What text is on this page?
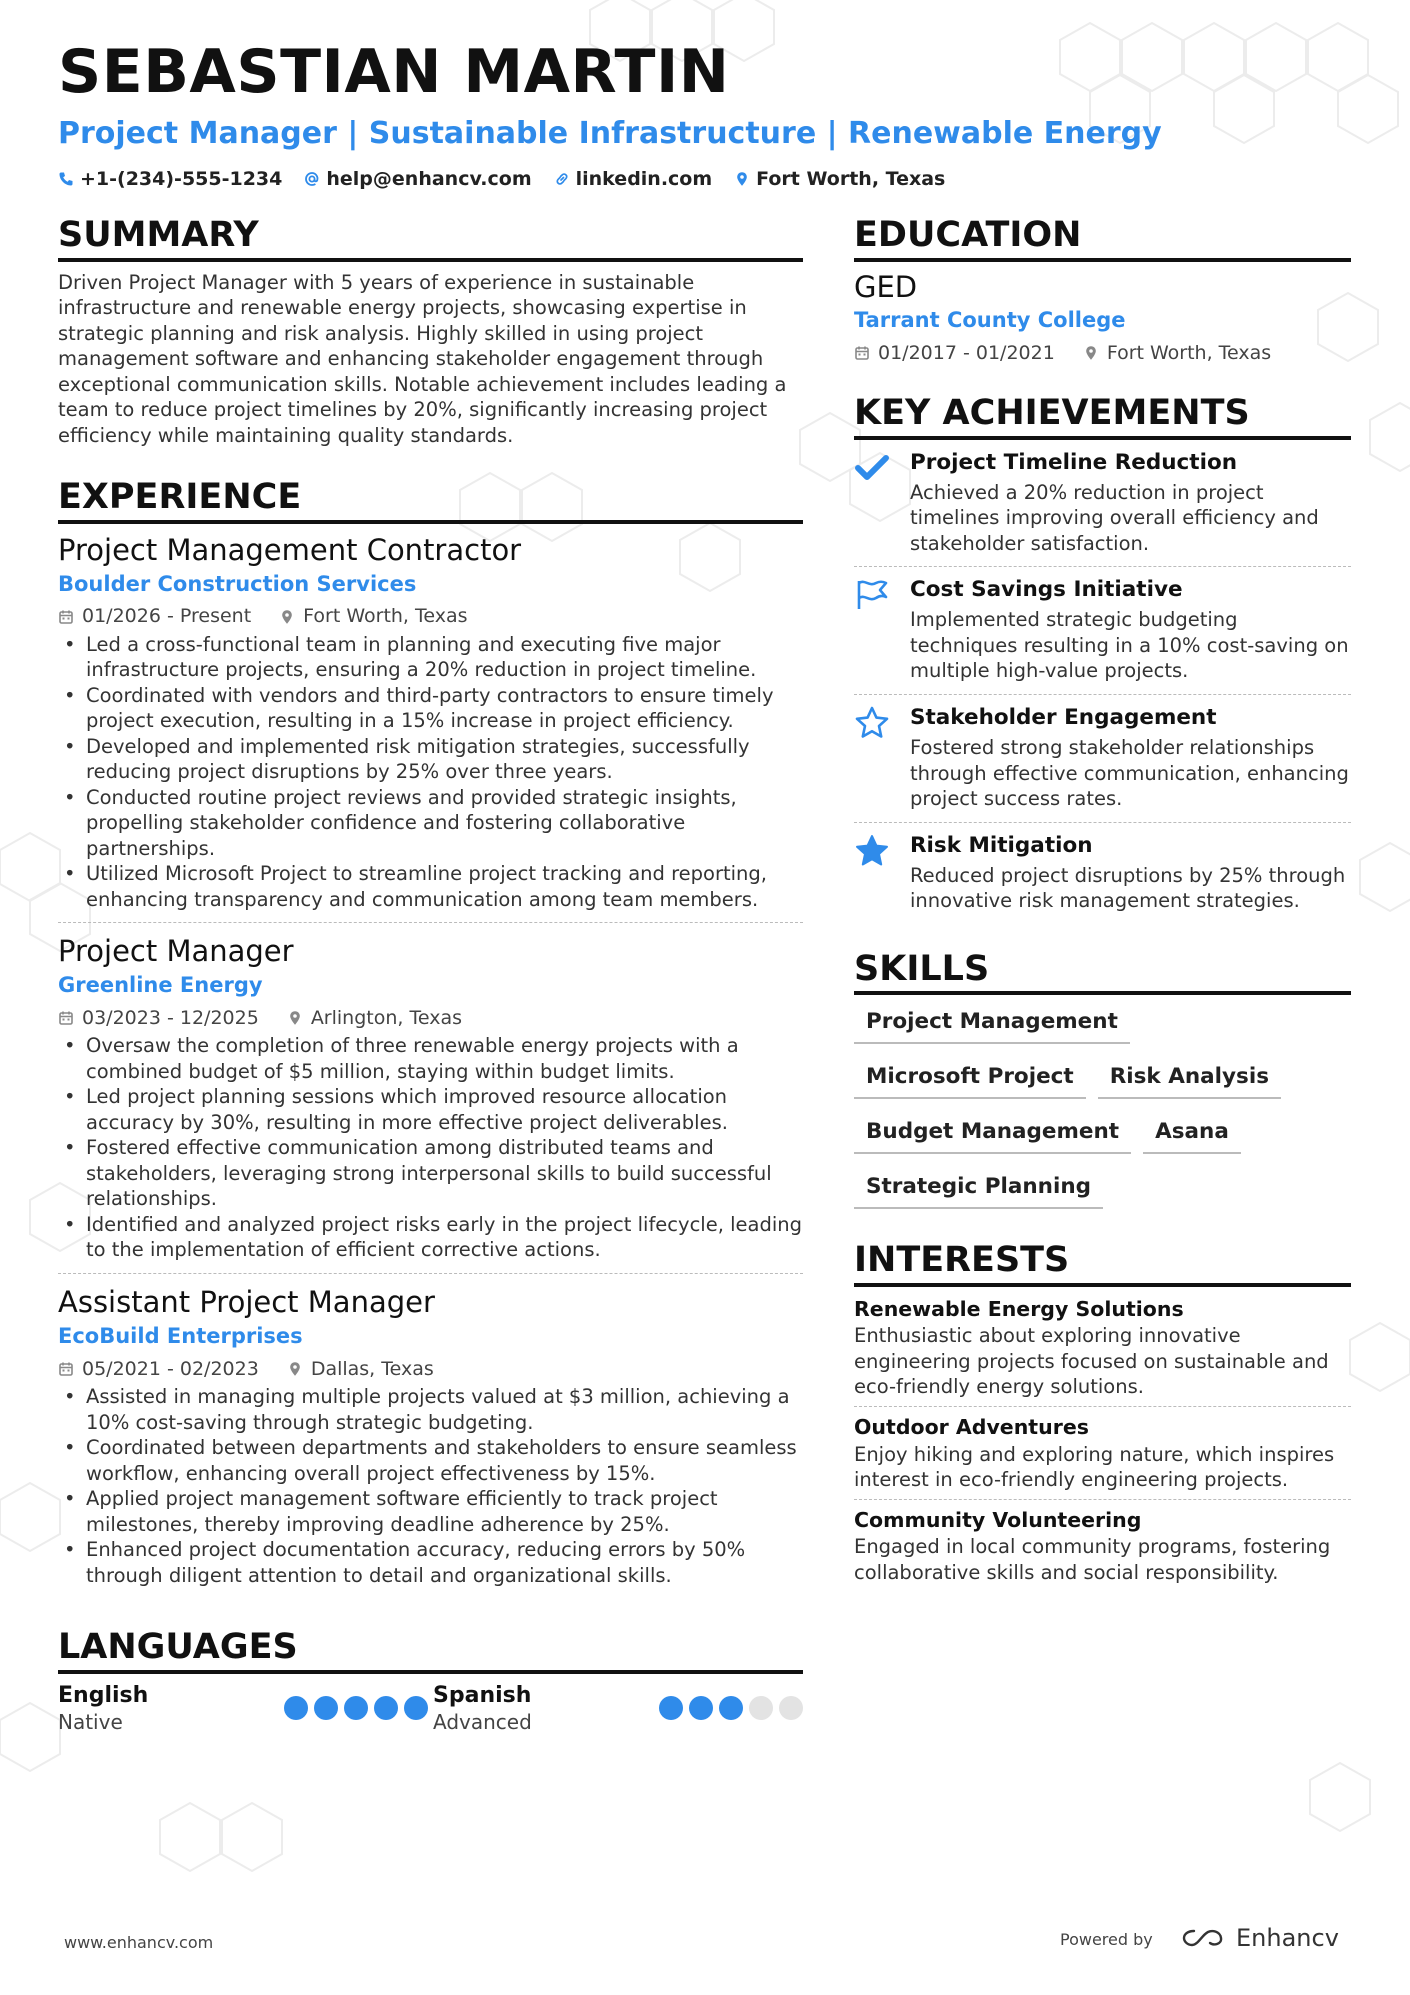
SEBASTIAN MARTIN
Project Manager | Sustainable Infrastructure | Renewable Energy
+1-(234)-555-1234 help@enhancv.com linkedin.com Fort Worth, Texas
SUMMARY

Driven Project Manager with 5 years of experience in sustainable infrastructure and renewable energy projects, showcasing expertise in strategic planning and risk analysis. Highly skilled in using project management software and enhancing stakeholder engagement through exceptional communication skills. Notable achievement includes leading a team to reduce project timelines by 20%, significantly increasing project efficiency while maintaining quality standards.

EXPERIENCE
Project Management Contractor
Boulder Construction Services
01/2026 - Present	Fort Worth, Texas
• Led a cross-functional team in planning and executing five major infrastructure projects, ensuring a 20% reduction in project timeline.
• Coordinated with vendors and third-party contractors to ensure timely project execution, resulting in a 15% increase in project efficiency.
• Developed and implemented risk mitigation strategies, successfully reducing project disruptions by 25% over three years.
• Conducted routine project reviews and provided strategic insights, propelling stakeholder confidence and fostering collaborative partnerships.
• Utilized Microsoft Project to streamline project tracking and reporting, enhancing transparency and communication among team members.
Project Manager
Greenline Energy
03/2023 - 12/2025	Arlington, Texas
• Oversaw the completion of three renewable energy projects with a combined budget of $5 million, staying within budget limits.
• Led project planning sessions which improved resource allocation accuracy by 30%, resulting in more effective project deliverables.
• Fostered effective communication among distributed teams and stakeholders, leveraging strong interpersonal skills to build successful relationships.
• Identified and analyzed project risks early in the project lifecycle, leading to the implementation of efficient corrective actions.
Assistant Project Manager
EcoBuild Enterprises
05/2021 - 02/2023	Dallas, Texas
• Assisted in managing multiple projects valued at $3 million, achieving a 10% cost-saving through strategic budgeting.
• Coordinated between departments and stakeholders to ensure seamless workflow, enhancing overall project effectiveness by 15%.
• Applied project management software efficiently to track project milestones, thereby improving deadline adherence by 25%.
• Enhanced project documentation accuracy, reducing errors by 50% through diligent attention to detail and organizational skills.
LANGUAGES
English
Native
Spanish
Advanced
EDUCATION
GED
Tarrant County College
01/2017 - 01/2021	Fort Worth, Texas
KEY ACHIEVEMENTS
Project Timeline Reduction
Achieved a 20% reduction in project timelines improving overall efficiency and stakeholder satisfaction.
Cost Savings Initiative
Implemented strategic budgeting techniques resulting in a 10% cost-saving on multiple high-value projects.
Stakeholder Engagement
Fostered strong stakeholder relationships through effective communication, enhancing project success rates.
Risk Mitigation
Reduced project disruptions by 25% through innovative risk management strategies.
SKILLS
Project Management
Microsoft Project	Risk Analysis
Budget Management	Asana
Strategic Planning
INTERESTS
Renewable Energy Solutions
Enthusiastic about exploring innovative engineering projects focused on sustainable and eco-friendly energy solutions.
Outdoor Adventures
Enjoy hiking and exploring nature, which inspires interest in eco-friendly engineering projects.
Community Volunteering
Engaged in local community programs, fostering collaborative skills and social responsibility.
www.enhancv.com	Powered by	Enhancv
